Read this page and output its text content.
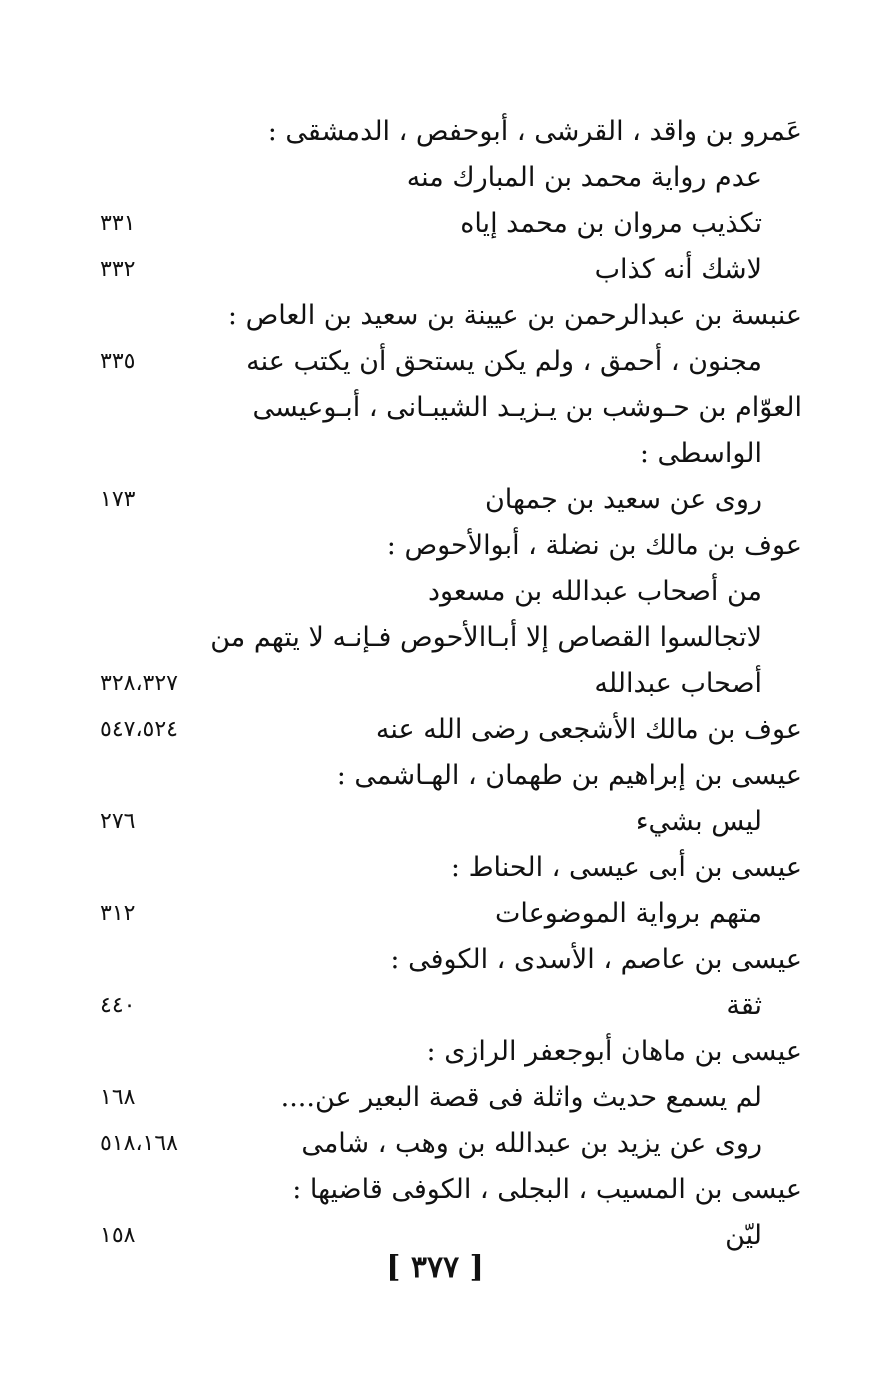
عَمرو بن واقد ، القرشى ، أبوحفص ، الدمشقى :
عدم رواية محمد بن المبارك منه
تكذيب مروان بن محمد إياه
٣٣١
لاشك أنه كذاب
٣٣٢
عنبسة بن عبدالرحمن بن عيينة بن سعيد بن العاص :
مجنون ، أحمق ، ولم يكن يستحق أن يكتب عنه
٣٣٥
العوّام بن حـوشب بن يـزيـد الشيبـانى ، أبـوعيسى
الواسطى :
روى عن سعيد بن جمهان
١٧٣
عوف بن مالك بن نضلة ، أبوالأحوص :
من أصحاب عبدالله بن مسعود
لاتجالسوا القصاص إلا أبـاالأحوص فـإنـه لا يتهم من
أصحاب عبدالله
٣٢٨،٣٢٧
عوف بن مالك الأشجعى رضى الله عنه
٥٤٧،٥٢٤
عيسى بن إبراهيم بن طهمان ، الهـاشمى :
ليس بشيء
٢٧٦
عيسى بن أبى عيسى ، الحناط :
متهم برواية الموضوعات
٣١٢
عيسى بن عاصم ، الأسدى ، الكوفى :
ثقة
٤٤٠
عيسى بن ماهان أبوجعفر الرازى :
لم يسمع حديث واثلة فى قصة البعير عن....
١٦٨
روى عن يزيد بن عبدالله بن وهب ، شامى
٥١٨،١٦٨
عيسى بن المسيب ، البجلى ، الكوفى قاضيها :
ليّن
١٥٨
[ ٣٧٧ ]
